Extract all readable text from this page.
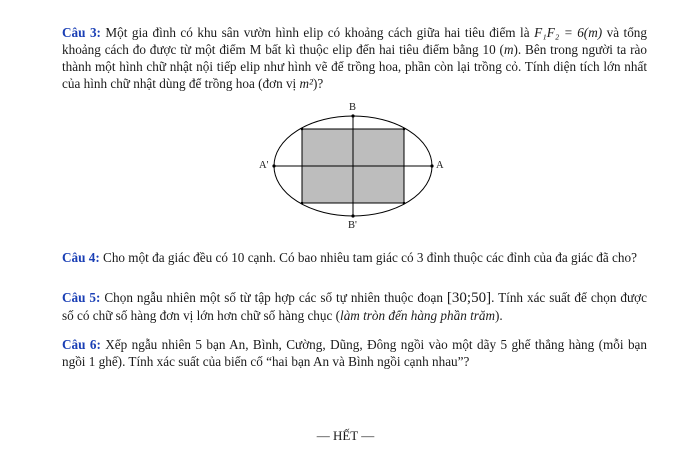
Câu 3: Một gia đình có khu sân vườn hình elip có khoảng cách giữa hai tiêu điểm là F₁F₂ = 6(m) và tổng khoảng cách đo được từ một điểm M bất kì thuộc elip đến hai tiêu điểm bằng 10 (m). Bên trong người ta rào thành một hình chữ nhật nội tiếp elip như hình vẽ để trồng hoa, phần còn lại trồng cỏ. Tính diện tích lớn nhất của hình chữ nhật dùng để trồng hoa (đơn vị m²)?
B
B'
A'	A
Câu 4: Cho một đa giác đều có 10 cạnh. Có bao nhiêu tam giác có 3 đỉnh thuộc các đỉnh của đa giác đã cho?
Câu 5: Chọn ngẫu nhiên một số từ tập hợp các số tự nhiên thuộc đoạn [30;50]. Tính xác suất để chọn được số có chữ số hàng đơn vị lớn hơn chữ số hàng chục (làm tròn đến hàng phần trăm).
Câu 6: Xếp ngẫu nhiên 5 bạn An, Bình, Cường, Dũng, Đông ngồi vào một dãy 5 ghế thẳng hàng (mỗi bạn ngồi 1 ghế). Tính xác suất của biến cố “hai bạn An và Bình ngồi cạnh nhau”?
— HẾT —
